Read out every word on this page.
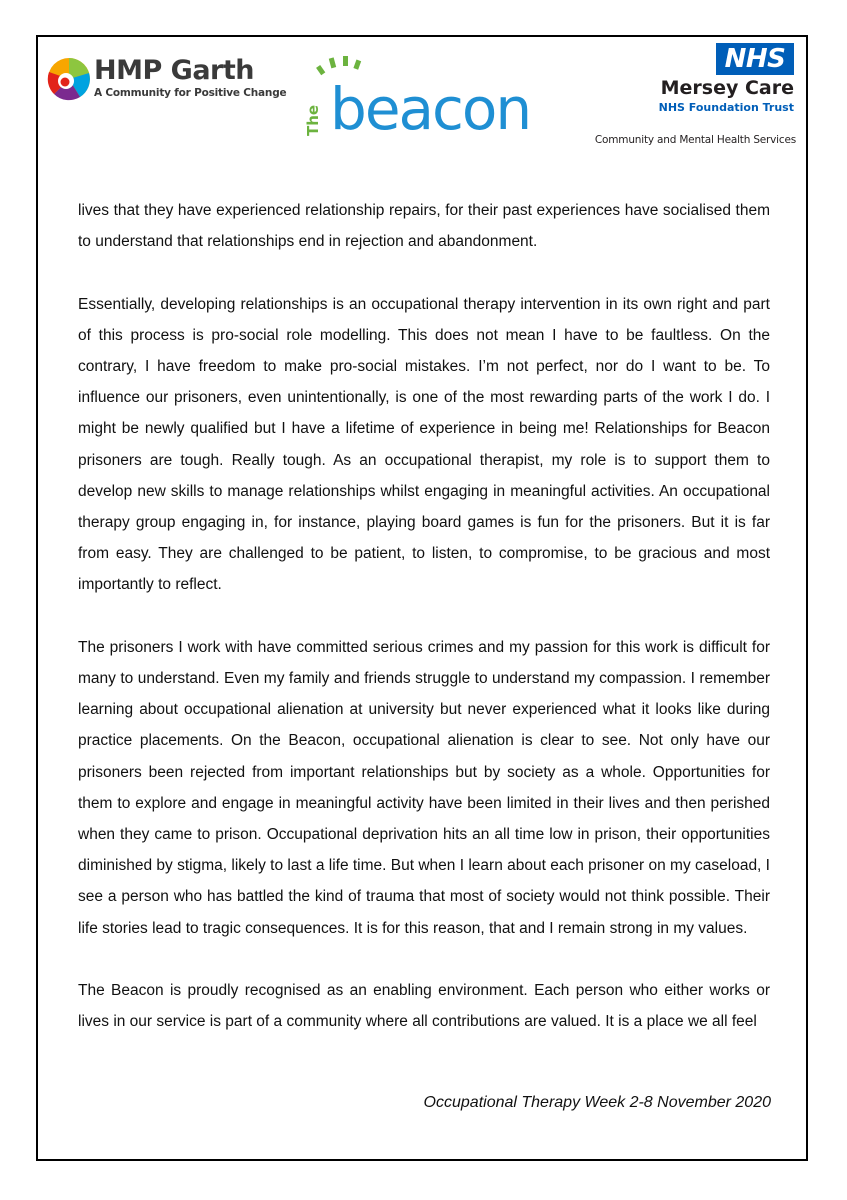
HMP Garth
A Community for Positive Change
The beacon
NHS
Mersey Care
NHS Foundation Trust
Community and Mental Health Services

lives that they have experienced relationship repairs, for their past experiences have socialised them to understand that relationships end in rejection and abandonment.

Essentially, developing relationships is an occupational therapy intervention in its own right and part of this process is pro-social role modelling. This does not mean I have to be faultless. On the contrary, I have freedom to make pro-social mistakes. I’m not perfect, nor do I want to be. To influence our prisoners, even unintentionally, is one of the most rewarding parts of the work I do. I might be newly qualified but I have a lifetime of experience in being me! Relationships for Beacon prisoners are tough. Really tough. As an occupational therapist, my role is to support them to develop new skills to manage relationships whilst engaging in meaningful activities. An occupational therapy group engaging in, for instance, playing board games is fun for the prisoners. But it is far from easy. They are challenged to be patient, to listen, to compromise, to be gracious and most importantly to reflect.

The prisoners I work with have committed serious crimes and my passion for this work is difficult for many to understand. Even my family and friends struggle to understand my compassion. I remember learning about occupational alienation at university but never experienced what it looks like during practice placements. On the Beacon, occupational alienation is clear to see. Not only have our prisoners been rejected from important relationships but by society as a whole. Opportunities for them to explore and engage in meaningful activity have been limited in their lives and then perished when they came to prison. Occupational deprivation hits an all time low in prison, their opportunities diminished by stigma, likely to last a life time. But when I learn about each prisoner on my caseload, I see a person who has battled the kind of trauma that most of society would not think possible. Their life stories lead to tragic consequences. It is for this reason, that and I remain strong in my values.

The Beacon is proudly recognised as an enabling environment. Each person who either works or lives in our service is part of a community where all contributions are valued. It is a place we all feel

Occupational Therapy Week 2-8 November 2020
